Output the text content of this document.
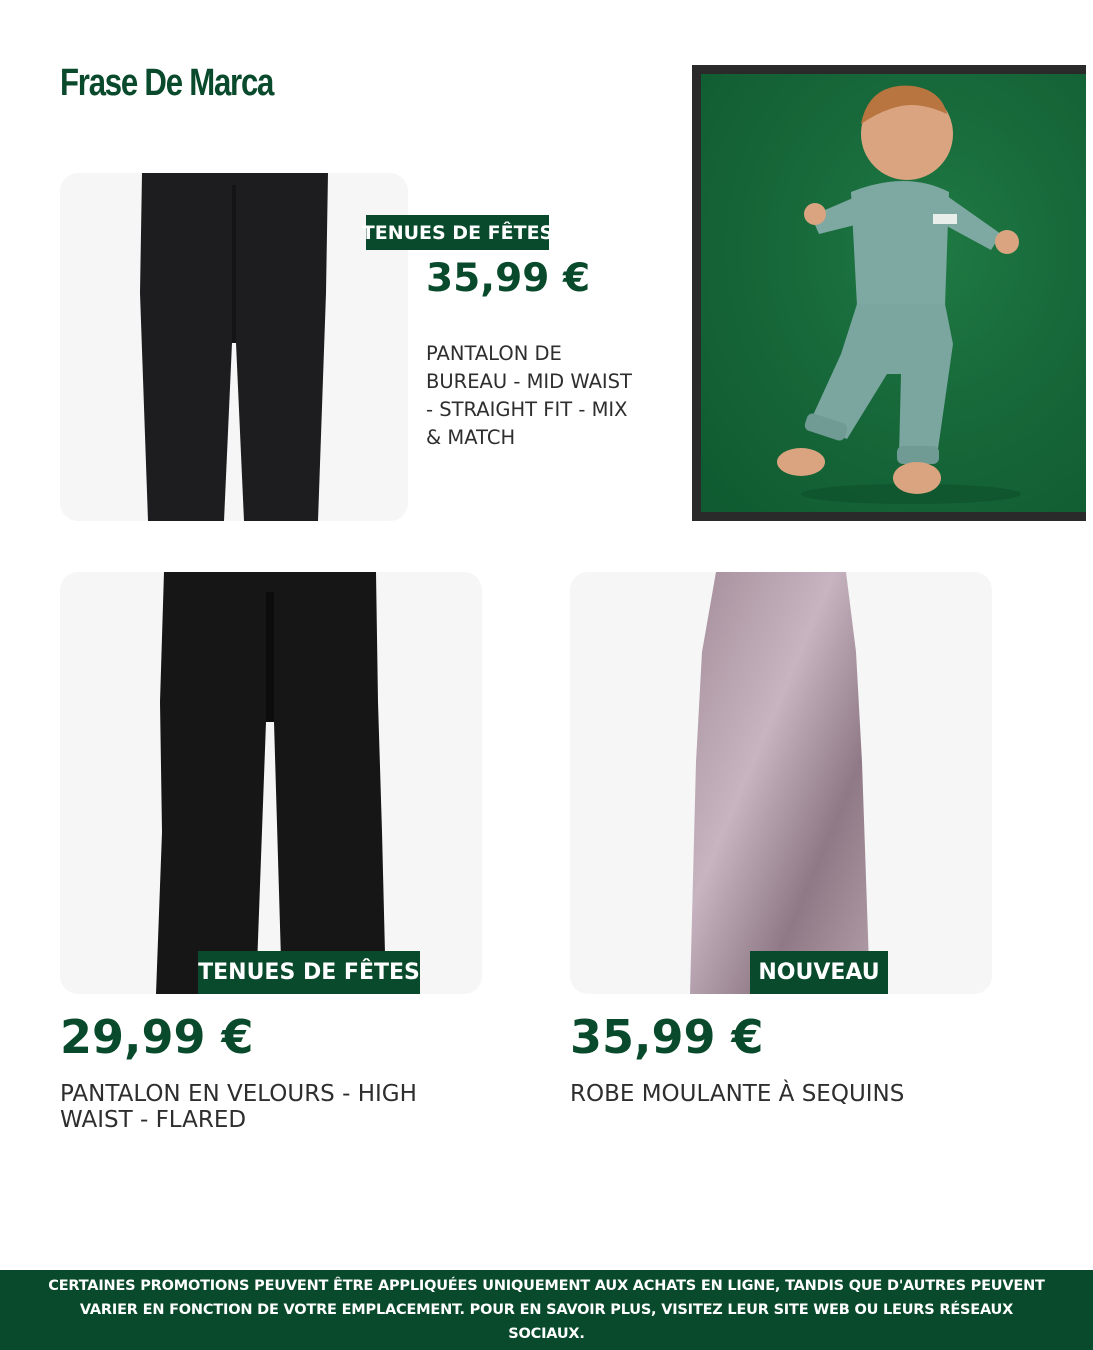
Frase De Marca
TENUES DE FÊTES
35,99 €
PANTALON DE BUREAU - MID WAIST - STRAIGHT FIT - MIX & MATCH
TENUES DE FÊTES
29,99 €
PANTALON EN VELOURS - HIGH WAIST - FLARED
NOUVEAU
35,99 €
ROBE MOULANTE À SEQUINS
CERTAINES PROMOTIONS PEUVENT ÊTRE APPLIQUÉES UNIQUEMENT AUX ACHATS EN LIGNE, TANDIS QUE D'AUTRES PEUVENT VARIER EN FONCTION DE VOTRE EMPLACEMENT. POUR EN SAVOIR PLUS, VISITEZ LEUR SITE WEB OU LEURS RÉSEAUX SOCIAUX.
